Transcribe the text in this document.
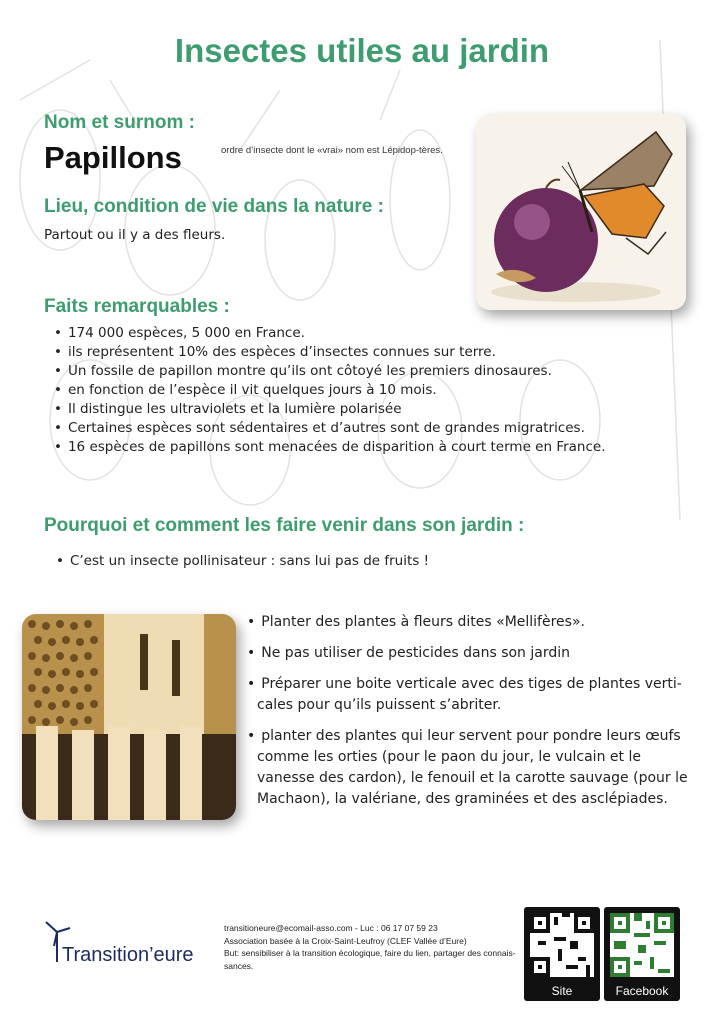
Insectes utiles au jardin
Nom et surnom :
Papillons	ordre d’insecte dont le «vrai» nom est Lépidop-tères.
Lieu, condition de vie dans la nature :
Partout ou il y a des fleurs.
Faits remarquables :
• 174 000 espèces, 5 000 en France.
• ils représentent 10% des espèces d’insectes connues sur terre.
• Un fossile de papillon montre qu’ils ont côtoyé les premiers dinosaures.
• en fonction de l’espèce il vit quelques jours à 10 mois.
• Il distingue les ultraviolets et la lumière polarisée
• Certaines espèces sont sédentaires et d’autres sont de grandes migratrices.
• 16 espèces de papillons sont menacées de disparition à court terme en France.
Pourquoi et comment les faire venir dans son jardin :
• C’est un insecte pollinisateur : sans lui pas de fruits !
• Planter des plantes à fleurs dites «Mellifères».
• Ne pas utiliser de pesticides dans son jardin
• Préparer une boite verticale avec des tiges de plantes verti-cales pour qu’ils puissent s’abriter.
• planter des plantes qui leur servent pour pondre leurs œufs comme les orties (pour le paon du jour, le vulcain et le vanesse des cardon), le fenouil et la carotte sauvage (pour le Machaon), la valériane, des graminées et des asclépiades.
Transition’eure
transitioneure@ecomail-asso.com - Luc : 06 17 07 59 23
Association basée à la Croix-Saint-Leufroy (CLEF Vallée d’Eure)
But: sensibiliser à la transition écologique, faire du lien, partager des connais-sances.
Site	Facebook
